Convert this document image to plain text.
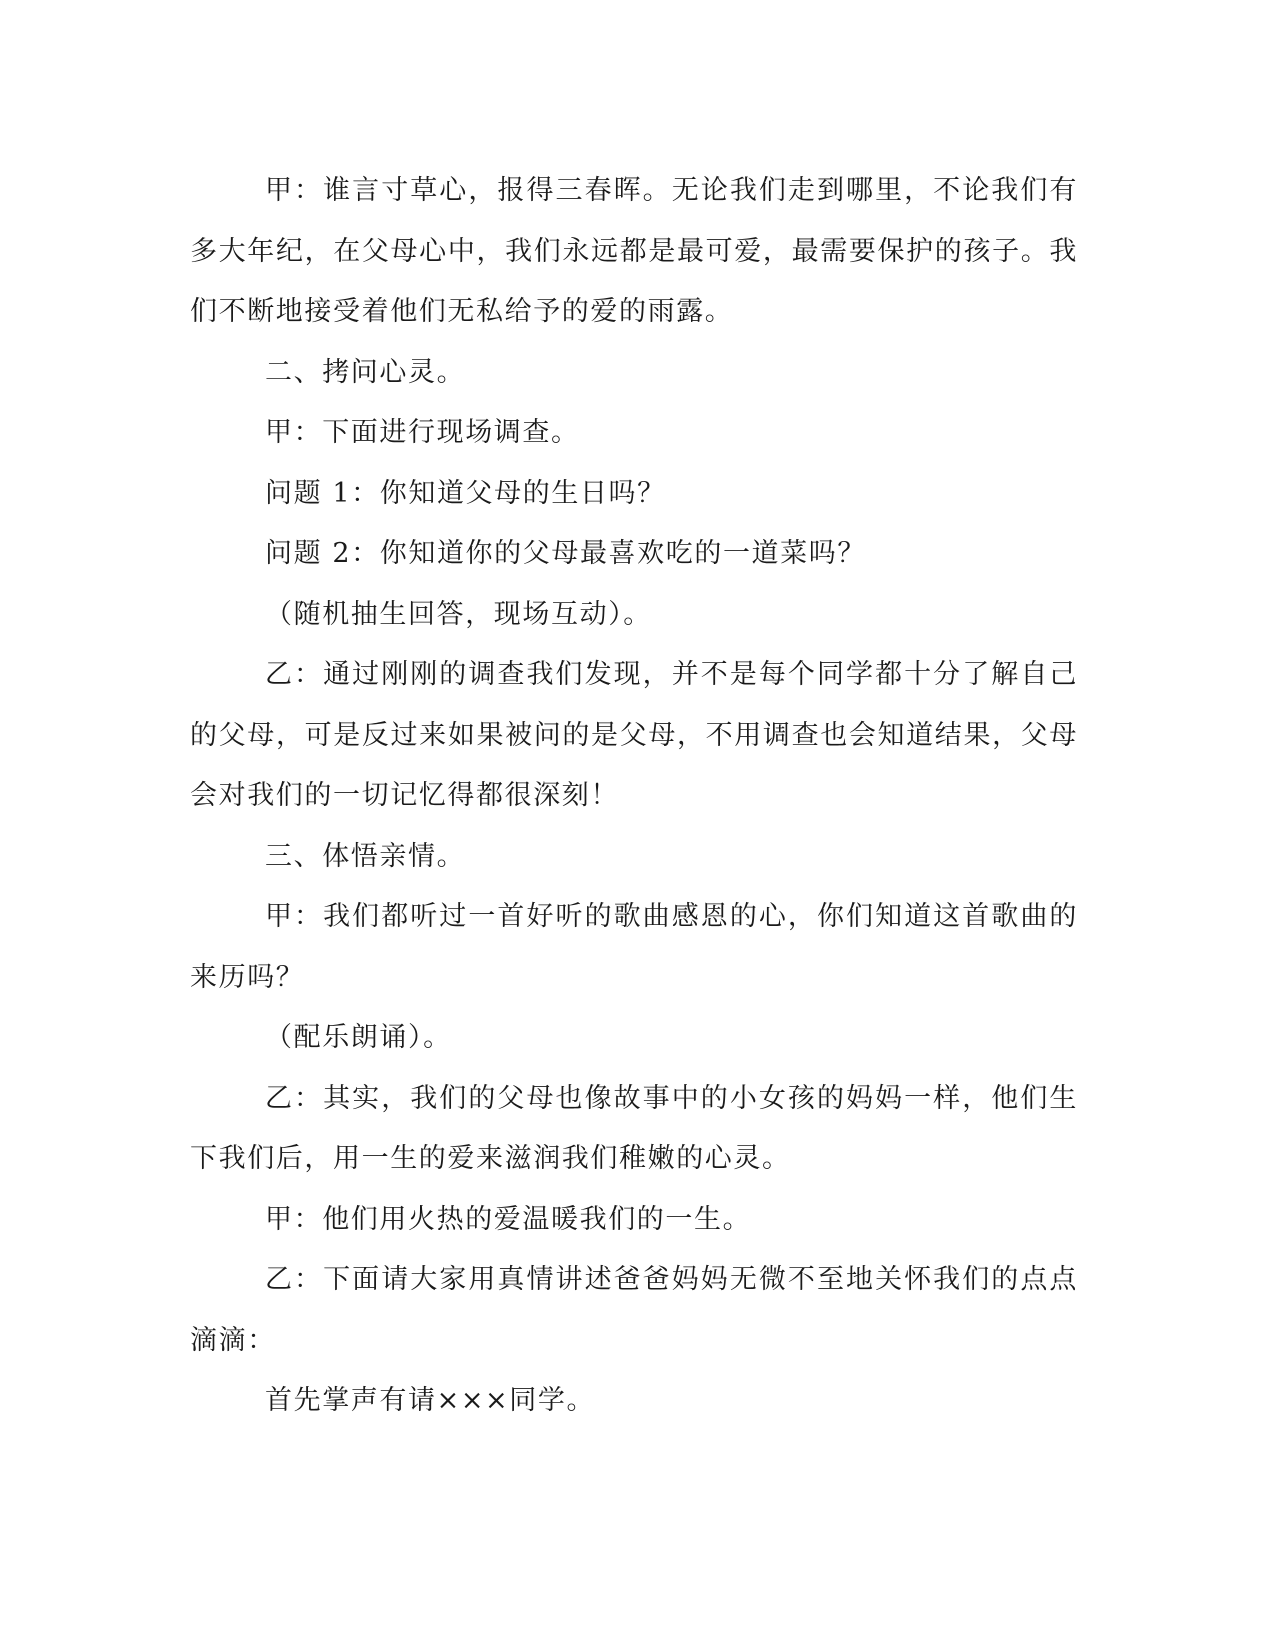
甲：谁言寸草心，报得三春晖。无论我们走到哪里，不论我们有多大年纪，在父母心中，我们永远都是最可爱，最需要保护的孩子。我们不断地接受着他们无私给予的爱的雨露。

二、拷问心灵。

甲：下面进行现场调查。

问题 1：你知道父母的生日吗？

问题 2：你知道你的父母最喜欢吃的一道菜吗？

（随机抽生回答，现场互动）。

乙：通过刚刚的调查我们发现，并不是每个同学都十分了解自己的父母，可是反过来如果被问的是父母，不用调查也会知道结果，父母会对我们的一切记忆得都很深刻！

三、体悟亲情。

甲：我们都听过一首好听的歌曲感恩的心，你们知道这首歌曲的来历吗？

（配乐朗诵）。

乙：其实，我们的父母也像故事中的小女孩的妈妈一样，他们生下我们后，用一生的爱来滋润我们稚嫩的心灵。

甲：他们用火热的爱温暖我们的一生。

乙：下面请大家用真情讲述爸爸妈妈无微不至地关怀我们的点点滴滴：

首先掌声有请×××同学。
